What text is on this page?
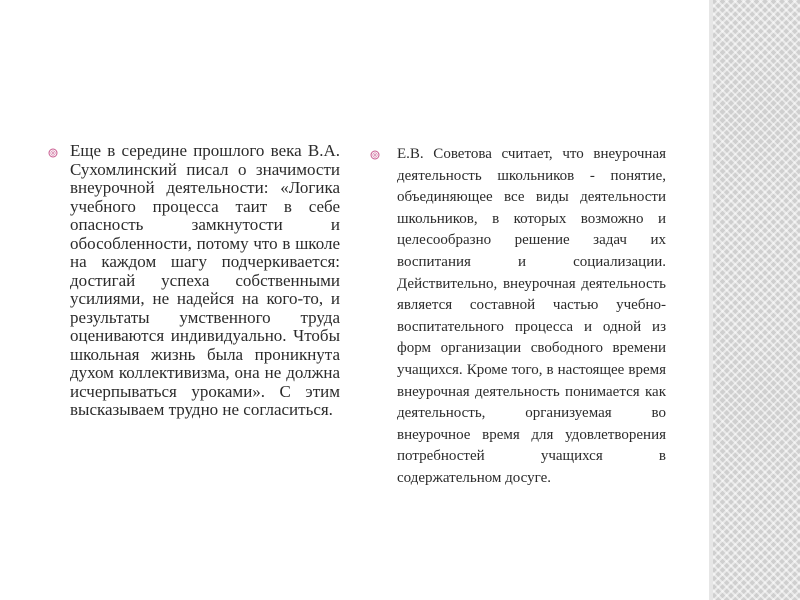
Еще в середине прошлого века В.А. Сухомлинский писал о значимости внеурочной деятельности: «Логика учебного процесса таит в себе опасность замкнутости и обособленности, потому что в школе на каждом шагу подчеркивается: достигай успеха собственными усилиями, не надейся на кого-то, и результаты умственного труда оцениваются индивидуально. Чтобы школьная жизнь была проникнута духом коллективизма, она не должна исчерпываться уроками». С этим высказываем трудно не согласиться.
Е.В. Советова считает, что внеурочная деятельность школьников - понятие, объединяющее все виды деятельности школьников, в которых возможно и целесообразно решение задач их воспитания и социализации. Действительно, внеурочная деятельность является составной частью учебно-воспитательного процесса и одной из форм организации свободного времени учащихся. Кроме того, в настоящее время внеурочная деятельность понимается как деятельность, организуемая во внеурочное время для удовлетворения потребностей учащихся в содержательном досуге.
